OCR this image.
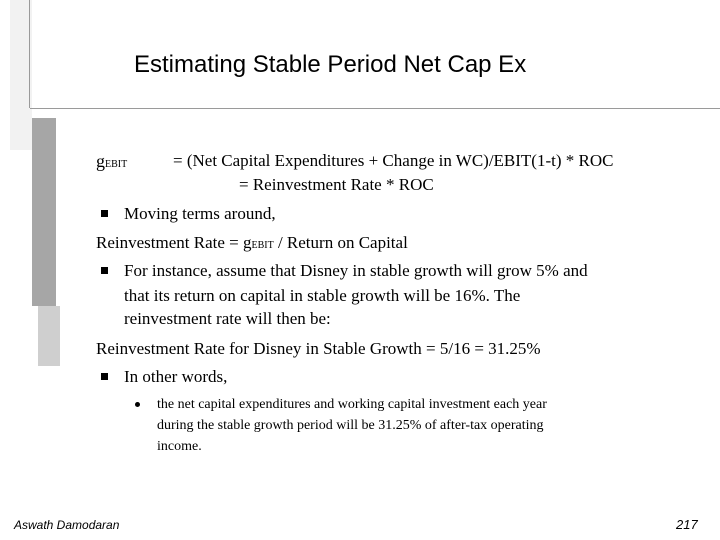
Estimating Stable Period Net Cap Ex
gEBIT	= (Net Capital Expenditures + Change in WC)/EBIT(1-t) * ROC
= Reinvestment Rate * ROC
Moving terms around,
Reinvestment Rate = gEBIT / Return on Capital
For instance, assume that Disney in stable growth will grow 5% and
that its return on capital in stable growth will be 16%. The
reinvestment rate will then be:
Reinvestment Rate for Disney in Stable Growth = 5/16 = 31.25%
In other words,
the net capital expenditures and working capital investment each year
during the stable growth period will be 31.25% of after-tax operating
income.
Aswath Damodaran	217
